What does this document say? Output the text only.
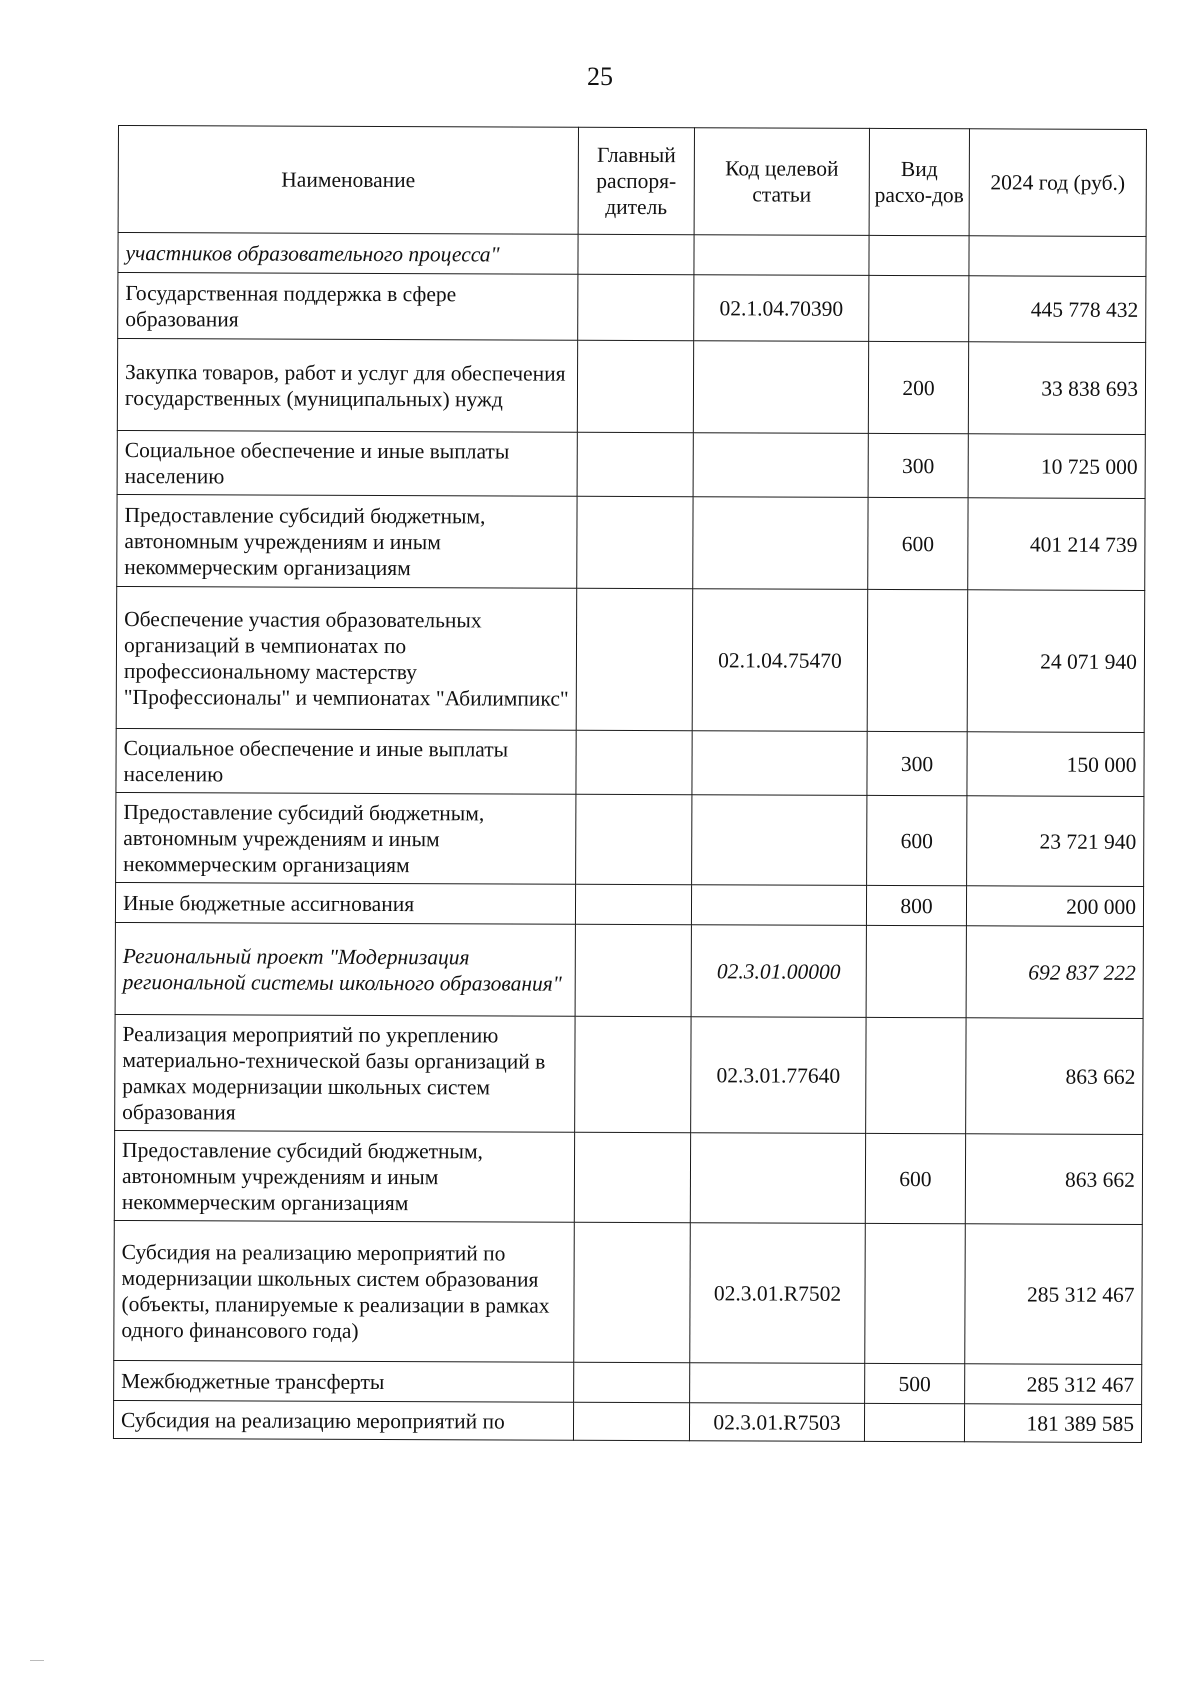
25
Наименование	Главный распоря-дитель	Код целевой статьи	Вид расхо-дов	2024 год (руб.)
участников образовательного процесса"				
Государственная поддержка в сфере образования		02.1.04.70390		445 778 432
Закупка товаров, работ и услуг для обеспечения государственных (муниципальных) нужд			200	33 838 693
Социальное обеспечение и иные выплаты населению			300	10 725 000
Предоставление субсидий бюджетным, автономным учреждениям и иным некоммерческим организациям			600	401 214 739
Обеспечение участия образовательных организаций в чемпионатах по профессиональному мастерству "Профессионалы" и чемпионатах "Абилимпикс"		02.1.04.75470		24 071 940
Социальное обеспечение и иные выплаты населению			300	150 000
Предоставление субсидий бюджетным, автономным учреждениям и иным некоммерческим организациям			600	23 721 940
Иные бюджетные ассигнования			800	200 000
Региональный проект "Модернизация региональной системы школьного образования"		02.3.01.00000		692 837 222
Реализация мероприятий по укреплению материально-технической базы организаций в рамках модернизации школьных систем образования		02.3.01.77640		863 662
Предоставление субсидий бюджетным, автономным учреждениям и иным некоммерческим организациям			600	863 662
Субсидия на реализацию мероприятий по модернизации школьных систем образования (объекты, планируемые к реализации в рамках одного финансового года)		02.3.01.R7502		285 312 467
Межбюджетные трансферты			500	285 312 467
Субсидия на реализацию мероприятий по		02.3.01.R7503		181 389 585
